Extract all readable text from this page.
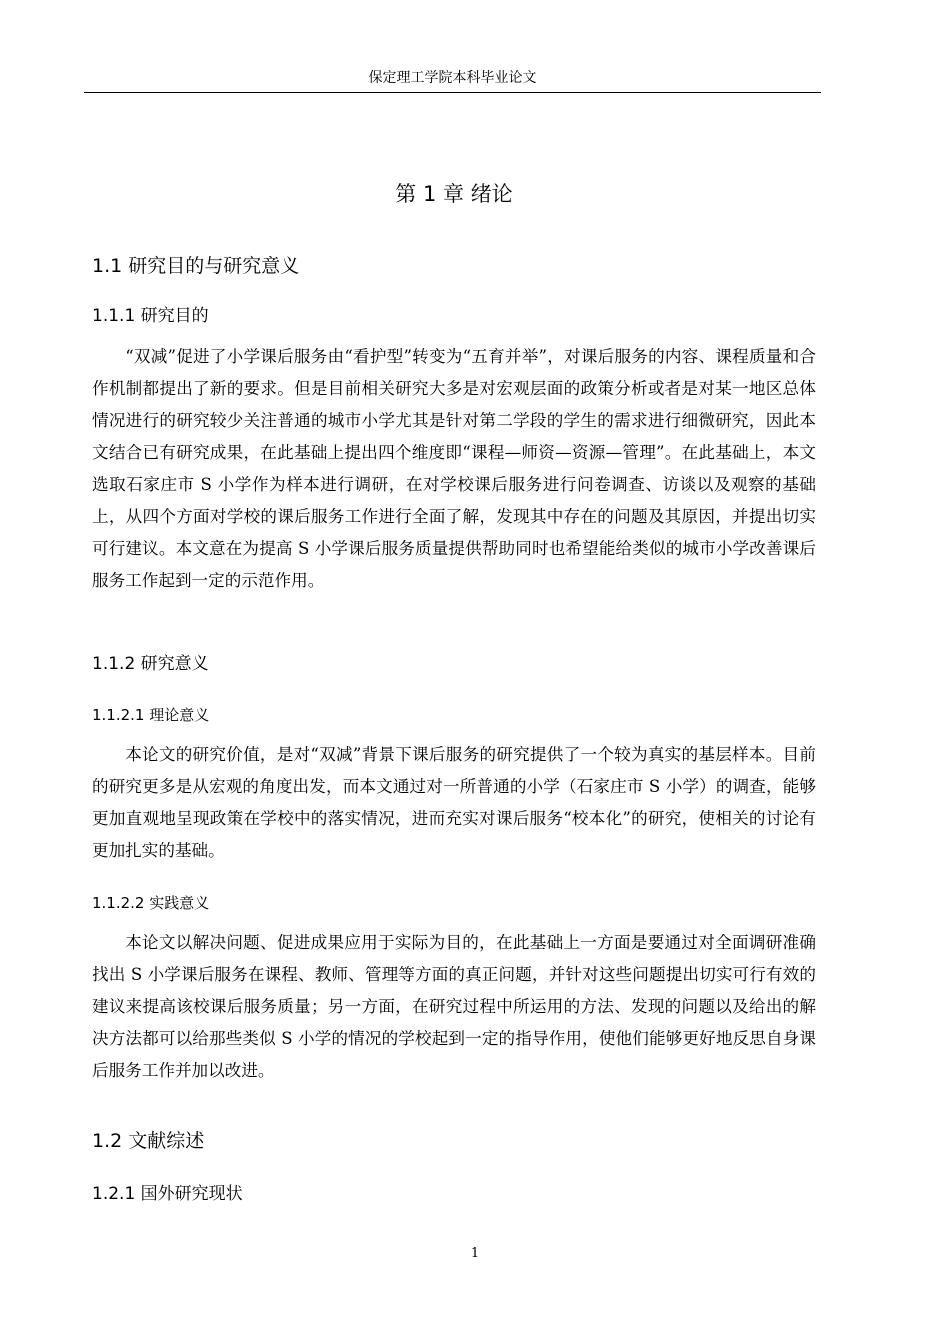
保定理工学院本科毕业论文
第 1 章 绪论
1.1 研究目的与研究意义
1.1.1 研究目的

“双减”促进了小学课后服务由“看护型”转变为“五育并举”，对课后服务的内容、课程质量和合作机制都提出了新的要求。但是目前相关研究大多是对宏观层面的政策分析或者是对某一地区总体情况进行的研究较少关注普通的城市小学尤其是针对第二学段的学生的需求进行细微研究，因此本文结合已有研究成果，在此基础上提出四个维度即“课程—师资—资源—管理”。在此基础上，本文选取石家庄市 S 小学作为样本进行调研，在对学校课后服务进行问卷调查、访谈以及观察的基础上，从四个方面对学校的课后服务工作进行全面了解，发现其中存在的问题及其原因，并提出切实可行建议。本文意在为提高 S 小学课后服务质量提供帮助同时也希望能给类似的城市小学改善课后服务工作起到一定的示范作用。

1.1.2 研究意义
1.1.2.1 理论意义

本论文的研究价值，是对“双减”背景下课后服务的研究提供了一个较为真实的基层样本。目前的研究更多是从宏观的角度出发，而本文通过对一所普通的小学（石家庄市 S 小学）的调查，能够更加直观地呈现政策在学校中的落实情况，进而充实对课后服务“校本化”的研究，使相关的讨论有更加扎实的基础。

1.1.2.2 实践意义

本论文以解决问题、促进成果应用于实际为目的，在此基础上一方面是要通过对全面调研准确找出 S 小学课后服务在课程、教师、管理等方面的真正问题，并针对这些问题提出切实可行有效的建议来提高该校课后服务质量；另一方面，在研究过程中所运用的方法、发现的问题以及给出的解决方法都可以给那些类似 S 小学的情况的学校起到一定的指导作用，使他们能够更好地反思自身课后服务工作并加以改进。

1.2 文献综述
1.2.1 国外研究现状
1
